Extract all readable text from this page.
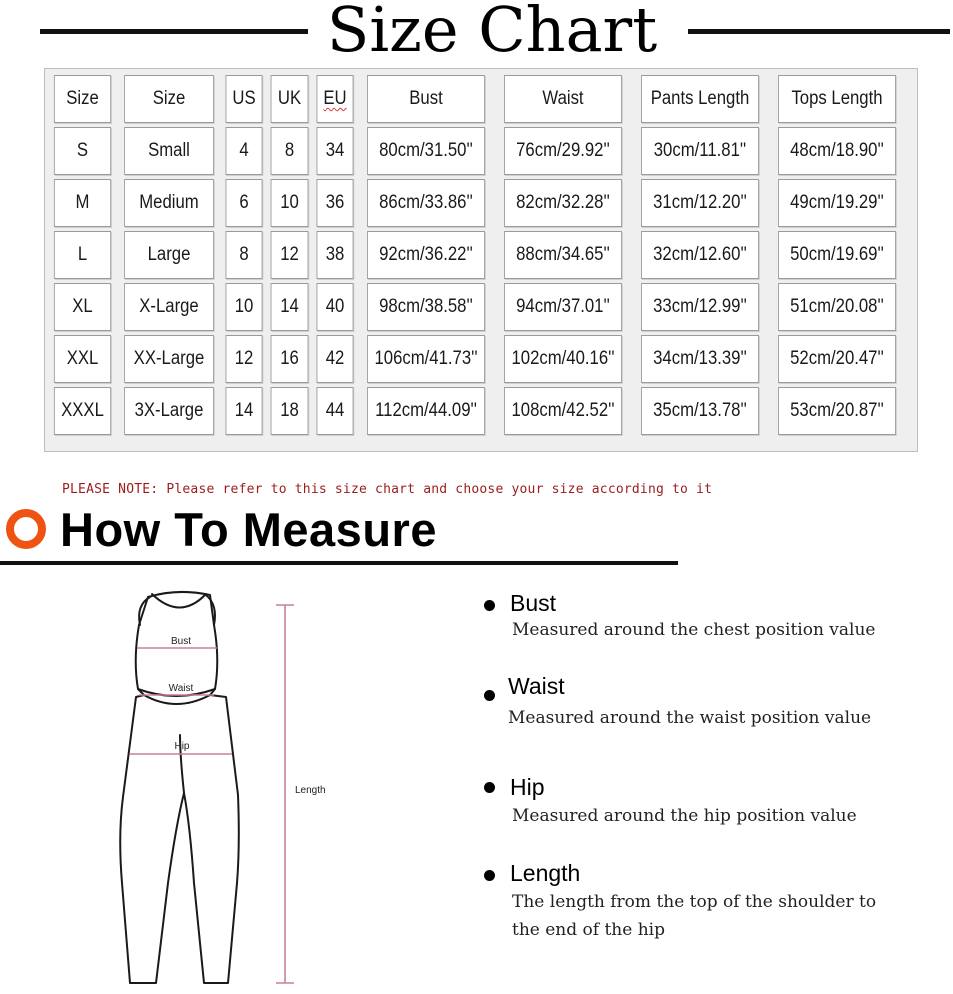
Size Chart
Size	Size	US	UK	EU	Bust	Waist	Pants Length	Tops Length
S	Small	4	8	34	80cm/31.50''	76cm/29.92''	30cm/11.81''	48cm/18.90''
M	Medium	6	10	36	86cm/33.86''	82cm/32.28''	31cm/12.20''	49cm/19.29''
L	Large	8	12	38	92cm/36.22''	88cm/34.65''	32cm/12.60''	50cm/19.69''
XL	X-Large	10	14	40	98cm/38.58''	94cm/37.01''	33cm/12.99''	51cm/20.08''
XXL	XX-Large	12	16	42	106cm/41.73''	102cm/40.16''	34cm/13.39''	52cm/20.47''
XXXL	3X-Large	14	18	44	112cm/44.09''	108cm/42.52''	35cm/13.78''	53cm/20.87''
PLEASE NOTE: Please refer to this size chart and choose your size according to it
How To Measure
Bust
Waist
Hip
Length
Bust
Measured around the chest position value
Waist
Measured around the waist position value
Hip
Measured around the hip position value
Length
The length from the top of the shoulder to
the end of the hip
